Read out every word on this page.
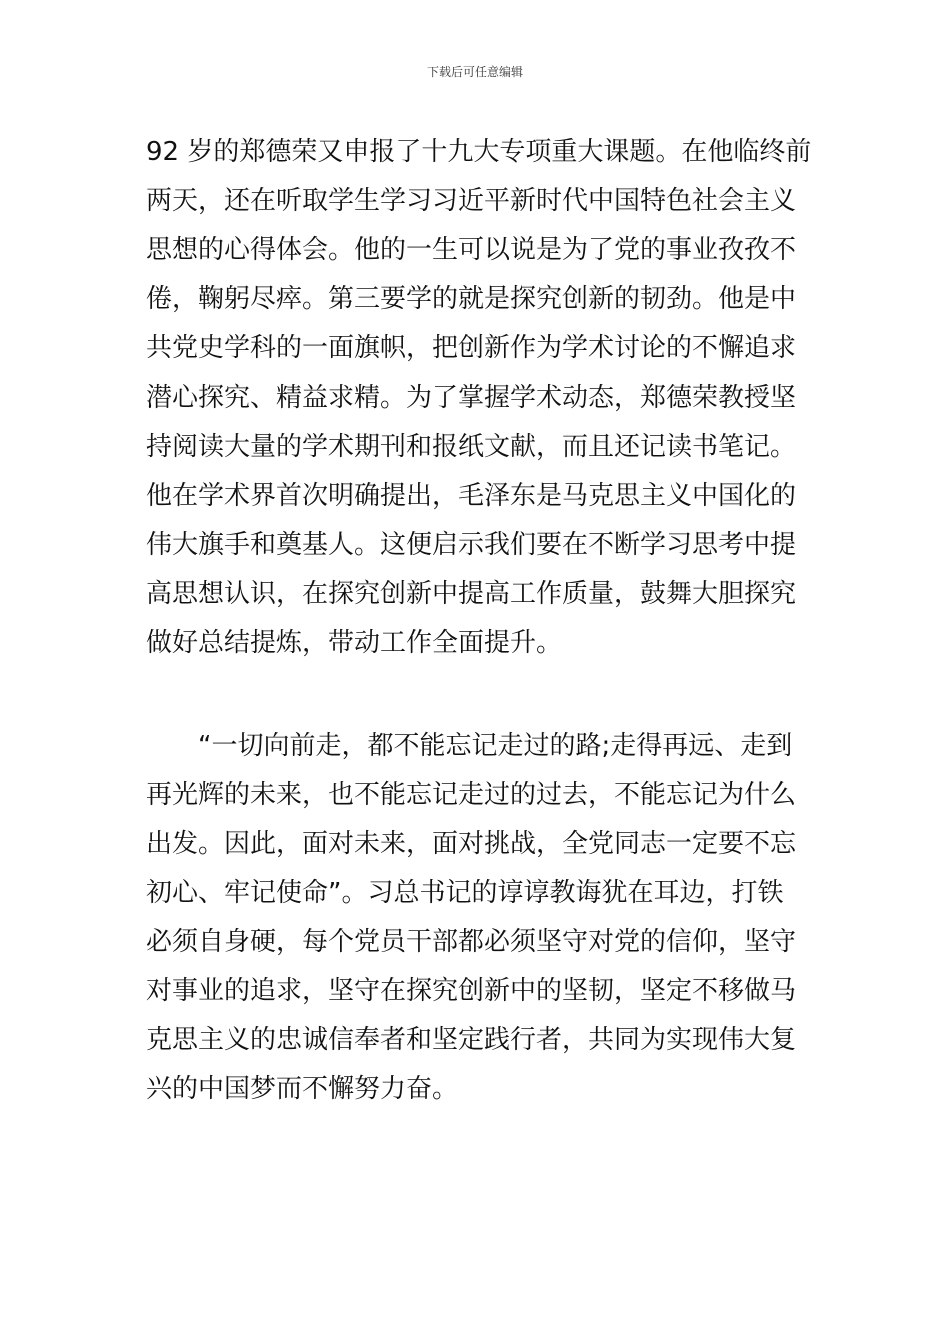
下载后可任意编辑
92 岁的郑德荣又申报了十九大专项重大课题。在他临终前
两天，还在听取学生学习习近平新时代中国特色社会主义
思想的心得体会。他的一生可以说是为了党的事业孜孜不
倦，鞠躬尽瘁。第三要学的就是探究创新的韧劲。他是中
共党史学科的一面旗帜，把创新作为学术讨论的不懈追求
潜心探究、精益求精。为了掌握学术动态，郑德荣教授坚
持阅读大量的学术期刊和报纸文献，而且还记读书笔记。
他在学术界首次明确提出，毛泽东是马克思主义中国化的
伟大旗手和奠基人。这便启示我们要在不断学习思考中提
高思想认识，在探究创新中提高工作质量，鼓舞大胆探究
做好总结提炼，带动工作全面提升。
“一切向前走，都不能忘记走过的路;走得再远、走到
再光辉的未来，也不能忘记走过的过去，不能忘记为什么
出发。因此，面对未来，面对挑战，全党同志一定要不忘
初心、牢记使命”。习总书记的谆谆教诲犹在耳边，打铁
必须自身硬，每个党员干部都必须坚守对党的信仰，坚守
对事业的追求，坚守在探究创新中的坚韧，坚定不移做马
克思主义的忠诚信奉者和坚定践行者，共同为实现伟大复
兴的中国梦而不懈努力奋。
